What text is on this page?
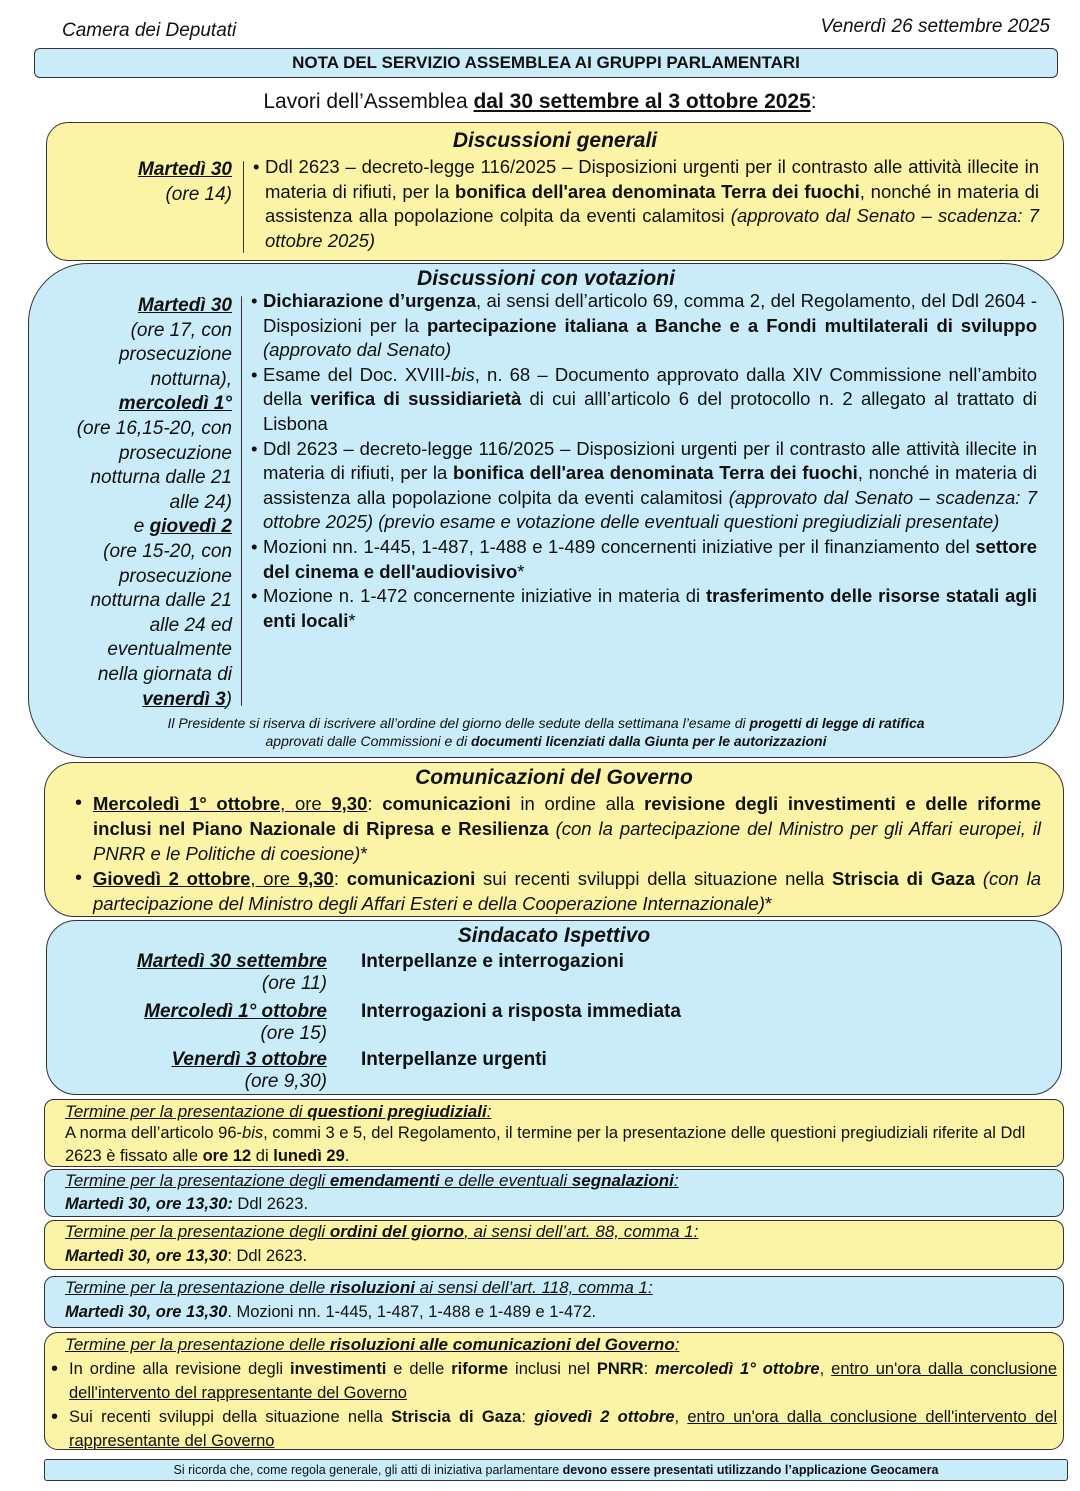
Camera dei Deputati	Venerdì 26 settembre 2025
NOTA DEL SERVIZIO ASSEMBLEA AI GRUPPI PARLAMENTARI
Lavori dell’Assemblea dal 30 settembre al 3 ottobre 2025:
Discussioni generali
Martedì 30
(ore 14)
• Ddl 2623 – decreto-legge 116/2025 – Disposizioni urgenti per il contrasto alle attività illecite in materia di rifiuti, per la bonifica dell'area denominata Terra dei fuochi, nonché in materia di assistenza alla popolazione colpita da eventi calamitosi (approvato dal Senato – scadenza: 7 ottobre 2025)
Discussioni con votazioni
Martedì 30
(ore 17, con prosecuzione notturna),
mercoledì 1°
(ore 16,15-20, con prosecuzione notturna dalle 21 alle 24)
e giovedì 2
(ore 15-20, con prosecuzione notturna dalle 21 alle 24 ed eventualmente nella giornata di
venerdì 3)
• Dichiarazione d’urgenza, ai sensi dell’articolo 69, comma 2, del Regolamento, del Ddl 2604 - Disposizioni per la partecipazione italiana a Banche e a Fondi multilaterali di sviluppo (approvato dal Senato)
• Esame del Doc. XVIII-bis, n. 68 – Documento approvato dalla XIV Commissione nell’ambito della verifica di sussidiarietà di cui alll’articolo 6 del protocollo n. 2 allegato al trattato di Lisbona
• Ddl 2623 – decreto-legge 116/2025 – Disposizioni urgenti per il contrasto alle attività illecite in materia di rifiuti, per la bonifica dell'area denominata Terra dei fuochi, nonché in materia di assistenza alla popolazione colpita da eventi calamitosi (approvato dal Senato – scadenza: 7 ottobre 2025) (previo esame e votazione delle eventuali questioni pregiudiziali presentate)
• Mozioni nn. 1-445, 1-487, 1-488 e 1-489 concernenti iniziative per il finanziamento del settore del cinema e dell'audiovisivo*
• Mozione n. 1-472 concernente iniziative in materia di trasferimento delle risorse statali agli enti locali*
Il Presidente si riserva di iscrivere all’ordine del giorno delle sedute della settimana l’esame di progetti di legge di ratifica
approvati dalle Commissioni e di documenti licenziati dalla Giunta per le autorizzazioni
Comunicazioni del Governo
• Mercoledì 1° ottobre, ore 9,30: comunicazioni in ordine alla revisione degli investimenti e delle riforme inclusi nel Piano Nazionale di Ripresa e Resilienza (con la partecipazione del Ministro per gli Affari europei, il PNRR e le Politiche di coesione)*
• Giovedì 2 ottobre, ore 9,30: comunicazioni sui recenti sviluppi della situazione nella Striscia di Gaza (con la partecipazione del Ministro degli Affari Esteri e della Cooperazione Internazionale)*
Sindacato Ispettivo
Martedì 30 settembre
(ore 11)
Interpellanze e interrogazioni
Mercoledì 1° ottobre
(ore 15)
Interrogazioni a risposta immediata
Venerdì 3 ottobre
(ore 9,30)
Interpellanze urgenti
Termine per la presentazione di questioni pregiudiziali:
A norma dell’articolo 96-bis, commi 3 e 5, del Regolamento, il termine per la presentazione delle questioni pregiudiziali riferite al Ddl 2623 è fissato alle ore 12 di lunedì 29.
Termine per la presentazione degli emendamenti e delle eventuali segnalazioni:
Martedì 30, ore 13,30: Ddl 2623.
Termine per la presentazione degli ordini del giorno, ai sensi dell’art. 88, comma 1:
Martedì 30, ore 13,30: Ddl 2623.
Termine per la presentazione delle risoluzioni ai sensi dell’art. 118, comma 1:
Martedì 30, ore 13,30. Mozioni nn. 1-445, 1-487, 1-488 e 1-489 e 1-472.
Termine per la presentazione delle risoluzioni alle comunicazioni del Governo:
• In ordine alla revisione degli investimenti e delle riforme inclusi nel PNRR: mercoledì 1° ottobre, entro un'ora dalla conclusione dell'intervento del rappresentante del Governo
• Sui recenti sviluppi della situazione nella Striscia di Gaza: giovedì 2 ottobre, entro un'ora dalla conclusione dell'intervento del rappresentante del Governo
Si ricorda che, come regola generale, gli atti di iniziativa parlamentare devono essere presentati utilizzando l’applicazione Geocamera
